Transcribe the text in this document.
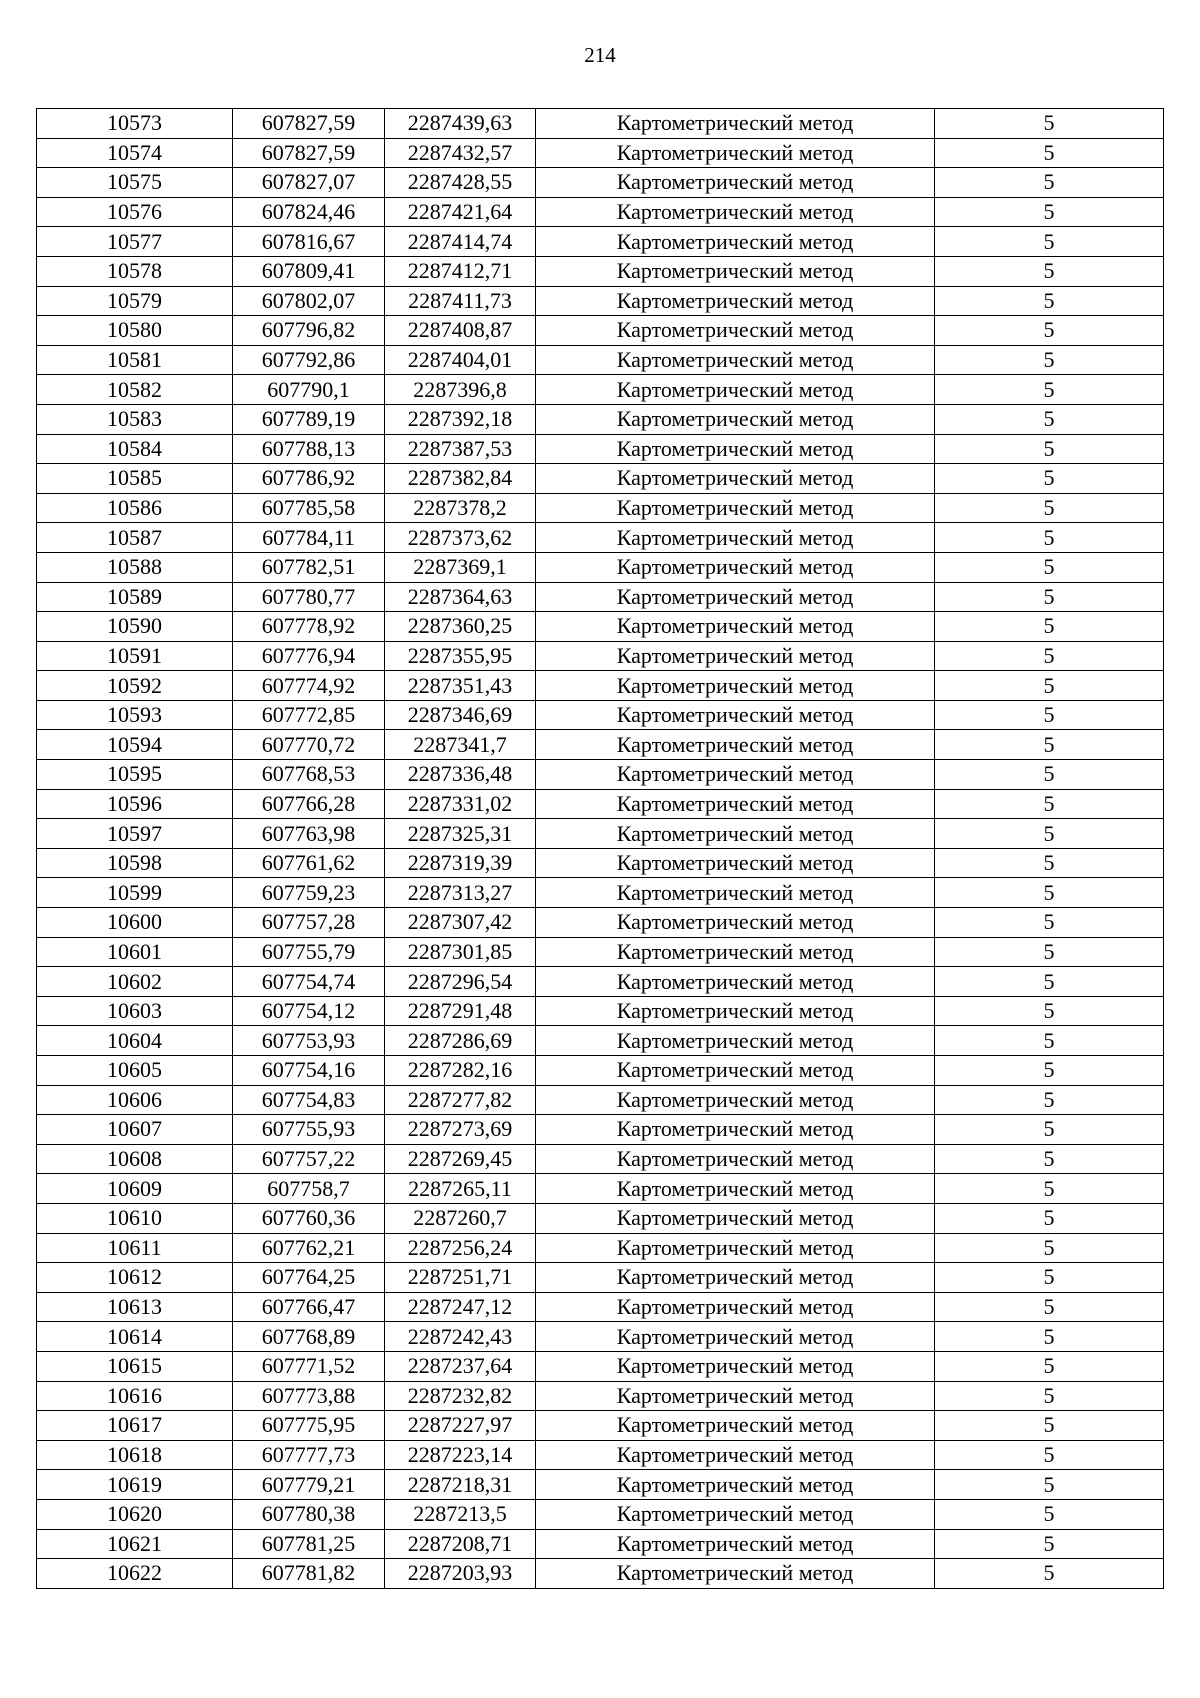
214
10573	607827,59	2287439,63	Картометрический метод	5
10574	607827,59	2287432,57	Картометрический метод	5
10575	607827,07	2287428,55	Картометрический метод	5
10576	607824,46	2287421,64	Картометрический метод	5
10577	607816,67	2287414,74	Картометрический метод	5
10578	607809,41	2287412,71	Картометрический метод	5
10579	607802,07	2287411,73	Картометрический метод	5
10580	607796,82	2287408,87	Картометрический метод	5
10581	607792,86	2287404,01	Картометрический метод	5
10582	607790,1	2287396,8	Картометрический метод	5
10583	607789,19	2287392,18	Картометрический метод	5
10584	607788,13	2287387,53	Картометрический метод	5
10585	607786,92	2287382,84	Картометрический метод	5
10586	607785,58	2287378,2	Картометрический метод	5
10587	607784,11	2287373,62	Картометрический метод	5
10588	607782,51	2287369,1	Картометрический метод	5
10589	607780,77	2287364,63	Картометрический метод	5
10590	607778,92	2287360,25	Картометрический метод	5
10591	607776,94	2287355,95	Картометрический метод	5
10592	607774,92	2287351,43	Картометрический метод	5
10593	607772,85	2287346,69	Картометрический метод	5
10594	607770,72	2287341,7	Картометрический метод	5
10595	607768,53	2287336,48	Картометрический метод	5
10596	607766,28	2287331,02	Картометрический метод	5
10597	607763,98	2287325,31	Картометрический метод	5
10598	607761,62	2287319,39	Картометрический метод	5
10599	607759,23	2287313,27	Картометрический метод	5
10600	607757,28	2287307,42	Картометрический метод	5
10601	607755,79	2287301,85	Картометрический метод	5
10602	607754,74	2287296,54	Картометрический метод	5
10603	607754,12	2287291,48	Картометрический метод	5
10604	607753,93	2287286,69	Картометрический метод	5
10605	607754,16	2287282,16	Картометрический метод	5
10606	607754,83	2287277,82	Картометрический метод	5
10607	607755,93	2287273,69	Картометрический метод	5
10608	607757,22	2287269,45	Картометрический метод	5
10609	607758,7	2287265,11	Картометрический метод	5
10610	607760,36	2287260,7	Картометрический метод	5
10611	607762,21	2287256,24	Картометрический метод	5
10612	607764,25	2287251,71	Картометрический метод	5
10613	607766,47	2287247,12	Картометрический метод	5
10614	607768,89	2287242,43	Картометрический метод	5
10615	607771,52	2287237,64	Картометрический метод	5
10616	607773,88	2287232,82	Картометрический метод	5
10617	607775,95	2287227,97	Картометрический метод	5
10618	607777,73	2287223,14	Картометрический метод	5
10619	607779,21	2287218,31	Картометрический метод	5
10620	607780,38	2287213,5	Картометрический метод	5
10621	607781,25	2287208,71	Картометрический метод	5
10622	607781,82	2287203,93	Картометрический метод	5
